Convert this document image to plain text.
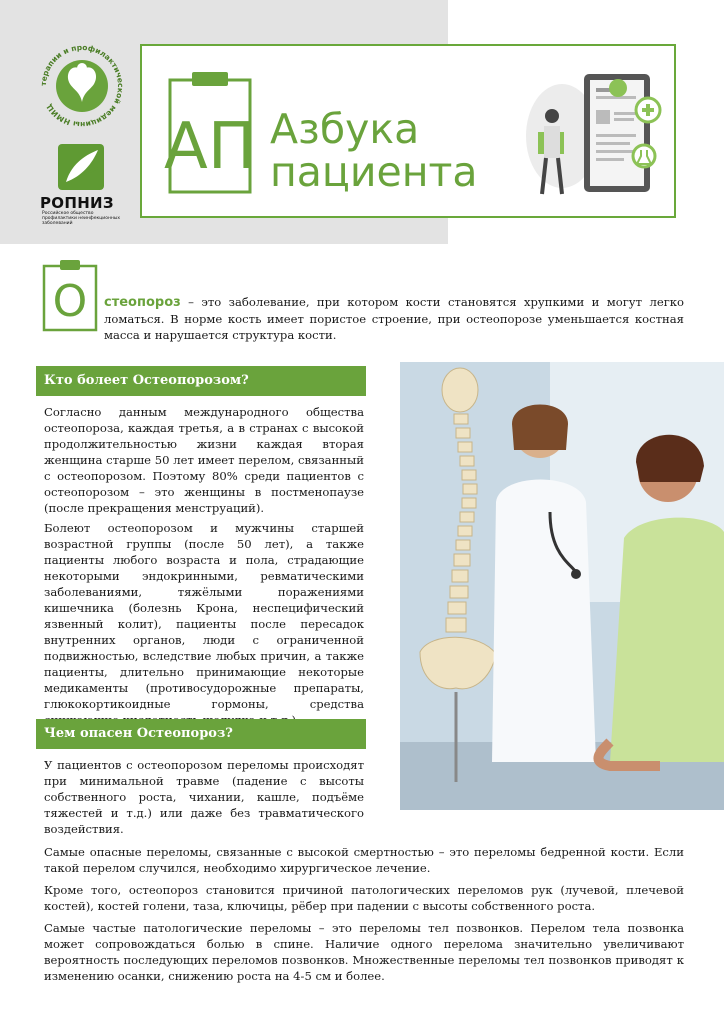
терапии и профилактической медицины НМИЦ
РОПНИЗ
Российское общество профилактики неинфекционных заболеваний
АП Азбука
пациента
О стеопороз – это заболевание, при котором кости становятся хрупкими и могут легко ломаться. В норме кость имеет пористое строение, при остеопорозе уменьшается костная масса и нарушается структура кости.

Кто болеет Остеопорозом?

Согласно данным международного общества остеопороза, каждая третья, а в странах с высокой продолжительностью жизни каждая вторая женщина старше 50 лет имеет перелом, связанный с остеопорозом. Поэтому 80% среди пациентов с остеопорозом – это женщины в постменопаузе (после прекращения менструаций).

Болеют остеопорозом и мужчины старшей возрастной группы (после 50 лет), а также пациенты любого возраста и пола, страдающие некоторыми эндокринными, ревматическими заболеваниями, тяжёлыми поражениями кишечника (болезнь Крона, неспецифический язвенный колит), пациенты после пересадок внутренних органов, люди с ограниченной подвижностью, вследствие любых причин, а также пациенты, длительно принимающие некоторые медикаменты (противосудорожные препараты, глюкокортикоидные гормоны, средства

Чем опасен Остеопороз?

У пациентов с остеопорозом переломы происходят при минимальной травме (падение с высоты собственного роста, чихании, кашле, подъёме тяжестей и т.д.) или даже без травматического воздействия.

Самые опасные переломы, связанные с высокой смертностью – это переломы бедренной кости. Если такой перелом случился, необходимо хирургическое лечение.

Кроме того, остеопороз становится причиной патологических переломов рук (лучевой, плечевой костей), костей голени, таза, ключицы, рёбер при падении с высоты собственного роста.

Самые частые патологические переломы – это переломы тел позвонков. Перелом тела позвонка может сопровождаться болью в спине. Наличие одного перелома значительно увеличивают вероятность последующих переломов позвонков. Множественные переломы тел позвонков приводят к изменению осанки, снижению роста на 4-5 см и более.
